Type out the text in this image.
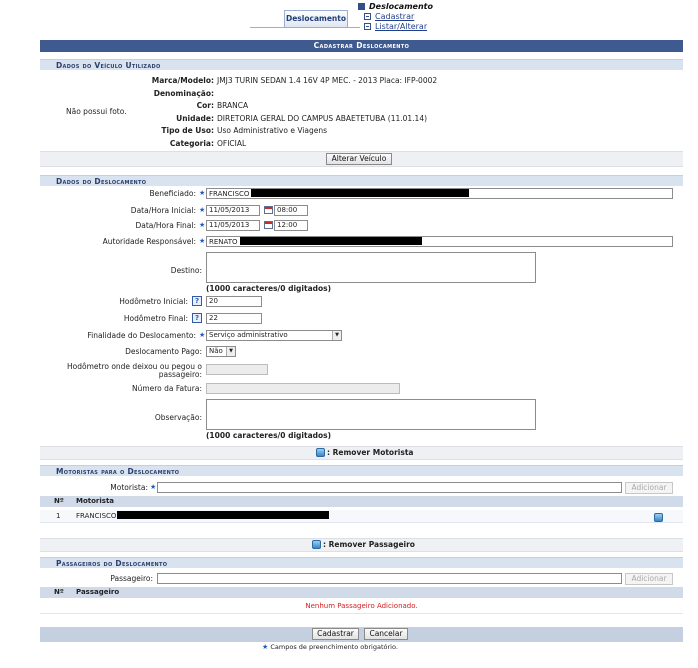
Deslocamento
Deslocamento
Cadastrar
Listar/Alterar
Cadastrar Deslocamento
Dados do Veículo Utilizado
Não possui foto.
Marca/Modelo: JMJ3 TURIN SEDAN 1.4 16V 4P MEC. - 2013 Placa: IFP-0002
Denominação:
Cor: BRANCA
Unidade: DIRETORIA GERAL DO CAMPUS ABAETETUBA (11.01.14)
Tipo de Uso: Uso Administrativo e Viagens
Categoria: OFICIAL
Alterar Veículo
Dados do Deslocamento
Beneficiado: ★ FRANCISCO
Data/Hora Inicial: ★ 11/05/2013	08:00
Data/Hora Final: ★ 11/05/2013	12:00
Autoridade Responsável: ★ RENATO
Destino:
(1000 caracteres/0 digitados)
Hodômetro Inicial: ?	20
Hodômetro Final: ?	22
Finalidade do Deslocamento: ★ Serviço administrativo	▼
Deslocamento Pago:	Não	▼
Hodômetro onde deixou ou pegou o
passageiro:
Número da Fatura:
Observação:
(1000 caracteres/0 digitados)
: Remover Motorista
Motoristas para o Deslocamento
Motorista: ★	Adicionar
Nº Motorista
1 FRANCISCO
: Remover Passageiro
Passageiros do Deslocamento
Passageiro:	Adicionar
Nº Passageiro
Nenhum Passageiro Adicionado.
Cadastrar	Cancelar
★ Campos de preenchimento obrigatório.
